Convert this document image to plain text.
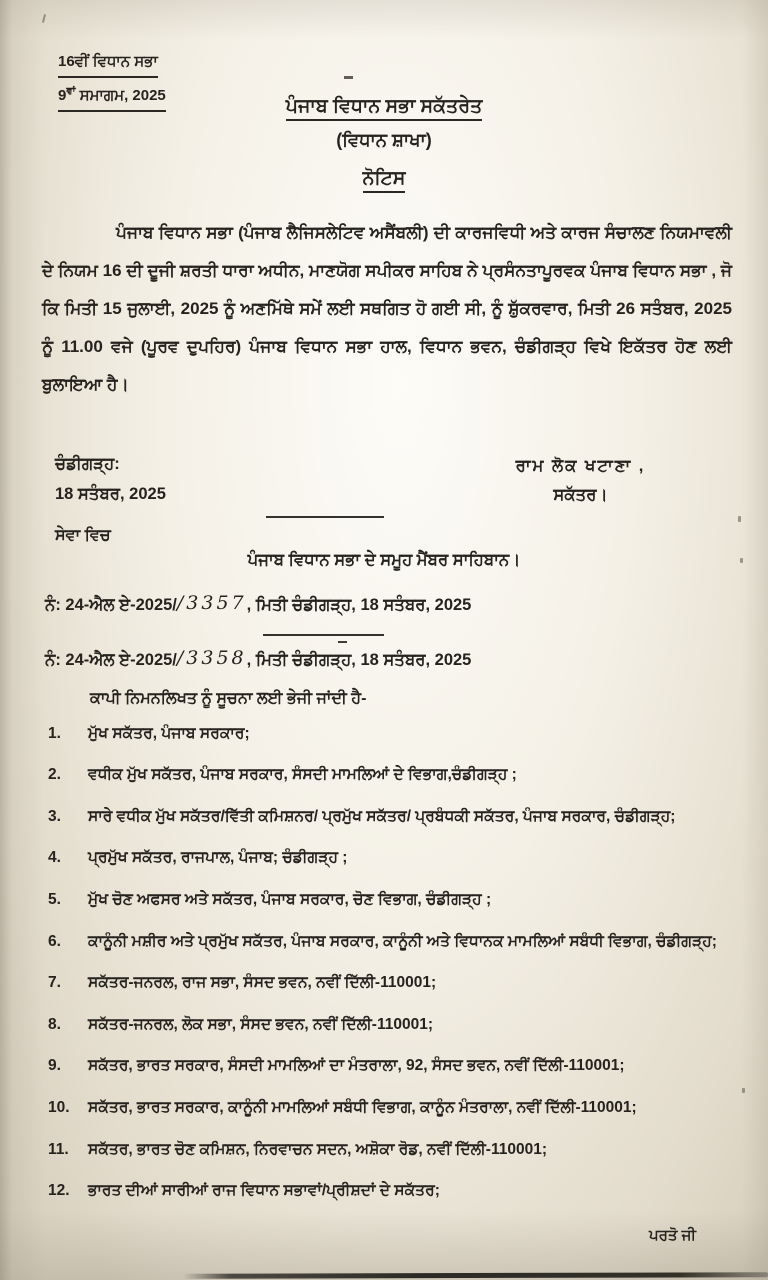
16ਵੀਂ ਵਿਧਾਨ ਸਭਾ
$9^{ਵਾਂ}$ ਸਮਾਗਮ, 2025
ਪੰਜਾਬ ਵਿਧਾਨ ਸਭਾ ਸਕੱਤਰੇਤ
(ਵਿਧਾਨ ਸ਼ਾਖਾ)
ਨੋਟਿਸ
ਪੰਜਾਬ ਵਿਧਾਨ ਸਭਾ (ਪੰਜਾਬ ਲੈਜਿਸਲੇਟਿਵ ਅਸੈਂਬਲੀ) ਦੀ ਕਾਰਜਵਿਧੀ ਅਤੇ ਕਾਰਜ ਸੰਚਾਲਣ ਨਿਯਮਾਵਲੀ ਦੇ ਨਿਯਮ 16 ਦੀ ਦੂਜੀ ਸ਼ਰਤੀ ਧਾਰਾ ਅਧੀਨ, ਮਾਣਯੋਗ ਸਪੀਕਰ ਸਾਹਿਬ ਨੇ ਪ੍ਰਸੰਨਤਾਪੂਰਵਕ ਪੰਜਾਬ ਵਿਧਾਨ ਸਭਾ , ਜੋ ਕਿ ਮਿਤੀ 15 ਜੁਲਾਈ, 2025 ਨੂੰ ਅਣਮਿੱਥੇ ਸਮੇਂ ਲਈ ਸਥਗਿਤ ਹੋ ਗਈ ਸੀ, ਨੂੰ ਸ਼ੁੱਕਰਵਾਰ, ਮਿਤੀ 26 ਸਤੰਬਰ, 2025 ਨੂੰ 11.00 ਵਜੇ (ਪੂਰਵ ਦੁਪਹਿਰ) ਪੰਜਾਬ ਵਿਧਾਨ ਸਭਾ ਹਾਲ, ਵਿਧਾਨ ਭਵਨ, ਚੰਡੀਗੜ੍ਹ ਵਿਖੇ ਇਕੱਤਰ ਹੋਣ ਲਈ ਬੁਲਾਇਆ ਹੈ।
ਚੰਡੀਗੜ੍ਹ:
18 ਸਤੰਬਰ, 2025
ਰਾਮ ਲੋਕ ਖਟਾਣਾ ,
ਸਕੱਤਰ।
ਸੇਵਾ ਵਿਚ
ਪੰਜਾਬ ਵਿਧਾਨ ਸਭਾ ਦੇ ਸਮੂਹ ਮੈਂਬਰ ਸਾਹਿਬਾਨ।
ਨੰ: 24-ਐਲ ਏ-2025//3357, ਮਿਤੀ ਚੰਡੀਗੜ੍ਹ, 18 ਸਤੰਬਰ, 2025
ਨੰ: 24-ਐਲ ਏ-2025//3358, ਮਿਤੀ ਚੰਡੀਗੜ੍ਹ, 18 ਸਤੰਬਰ, 2025
ਕਾਪੀ ਨਿਮਨਲਿਖਤ ਨੂੰ ਸੂਚਨਾ ਲਈ ਭੇਜੀ ਜਾਂਦੀ ਹੈ-
1. ਮੁੱਖ ਸਕੱਤਰ, ਪੰਜਾਬ ਸਰਕਾਰ;
2. ਵਧੀਕ ਮੁੱਖ ਸਕੱਤਰ, ਪੰਜਾਬ ਸਰਕਾਰ, ਸੰਸਦੀ ਮਾਮਲਿਆਂ ਦੇ ਵਿਭਾਗ,ਚੰਡੀਗੜ੍ਹ ;
3. ਸਾਰੇ ਵਧੀਕ ਮੁੱਖ ਸਕੱਤਰ/ਵਿੱਤੀ ਕਮਿਸ਼ਨਰ/ ਪ੍ਰਮੁੱਖ ਸਕੱਤਰ/ ਪ੍ਰਬੰਧਕੀ ਸਕੱਤਰ, ਪੰਜਾਬ ਸਰਕਾਰ, ਚੰਡੀਗੜ੍ਹ;
4. ਪ੍ਰਮੁੱਖ ਸਕੱਤਰ, ਰਾਜਪਾਲ, ਪੰਜਾਬ; ਚੰਡੀਗੜ੍ਹ ;
5. ਮੁੱਖ ਚੋਣ ਅਫਸਰ ਅਤੇ ਸਕੱਤਰ, ਪੰਜਾਬ ਸਰਕਾਰ, ਚੋਣ ਵਿਭਾਗ, ਚੰਡੀਗੜ੍ਹ ;
6. ਕਾਨੂੰਨੀ ਮਸ਼ੀਰ ਅਤੇ ਪ੍ਰਮੁੱਖ ਸਕੱਤਰ, ਪੰਜਾਬ ਸਰਕਾਰ, ਕਾਨੂੰਨੀ ਅਤੇ ਵਿਧਾਨਕ ਮਾਮਲਿਆਂ ਸਬੰਧੀ ਵਿਭਾਗ, ਚੰਡੀਗੜ੍ਹ;
7. ਸਕੱਤਰ-ਜਨਰਲ, ਰਾਜ ਸਭਾ, ਸੰਸਦ ਭਵਨ, ਨਵੀਂ ਦਿੱਲੀ-110001;
8. ਸਕੱਤਰ-ਜਨਰਲ, ਲੋਕ ਸਭਾ, ਸੰਸਦ ਭਵਨ, ਨਵੀਂ ਦਿੱਲੀ-110001;
9. ਸਕੱਤਰ, ਭਾਰਤ ਸਰਕਾਰ, ਸੰਸਦੀ ਮਾਮਲਿਆਂ ਦਾ ਮੰਤਰਾਲਾ, 92, ਸੰਸਦ ਭਵਨ, ਨਵੀਂ ਦਿੱਲੀ-110001;
10. ਸਕੱਤਰ, ਭਾਰਤ ਸਰਕਾਰ, ਕਾਨੂੰਨੀ ਮਾਮਲਿਆਂ ਸਬੰਧੀ ਵਿਭਾਗ, ਕਾਨੂੰਨ ਮੰਤਰਾਲਾ, ਨਵੀਂ ਦਿੱਲੀ-110001;
11. ਸਕੱਤਰ, ਭਾਰਤ ਚੋਣ ਕਮਿਸ਼ਨ, ਨਿਰਵਾਚਨ ਸਦਨ, ਅਸ਼ੋਕਾ ਰੋਡ, ਨਵੀਂ ਦਿੱਲੀ-110001;
12. ਭਾਰਤ ਦੀਆਂ ਸਾਰੀਆਂ ਰਾਜ ਵਿਧਾਨ ਸਭਾਵਾਂ/ਪ੍ਰੀਸ਼ਦਾਂ ਦੇ ਸਕੱਤਰ;
ਪਰਤੋ ਜੀ
